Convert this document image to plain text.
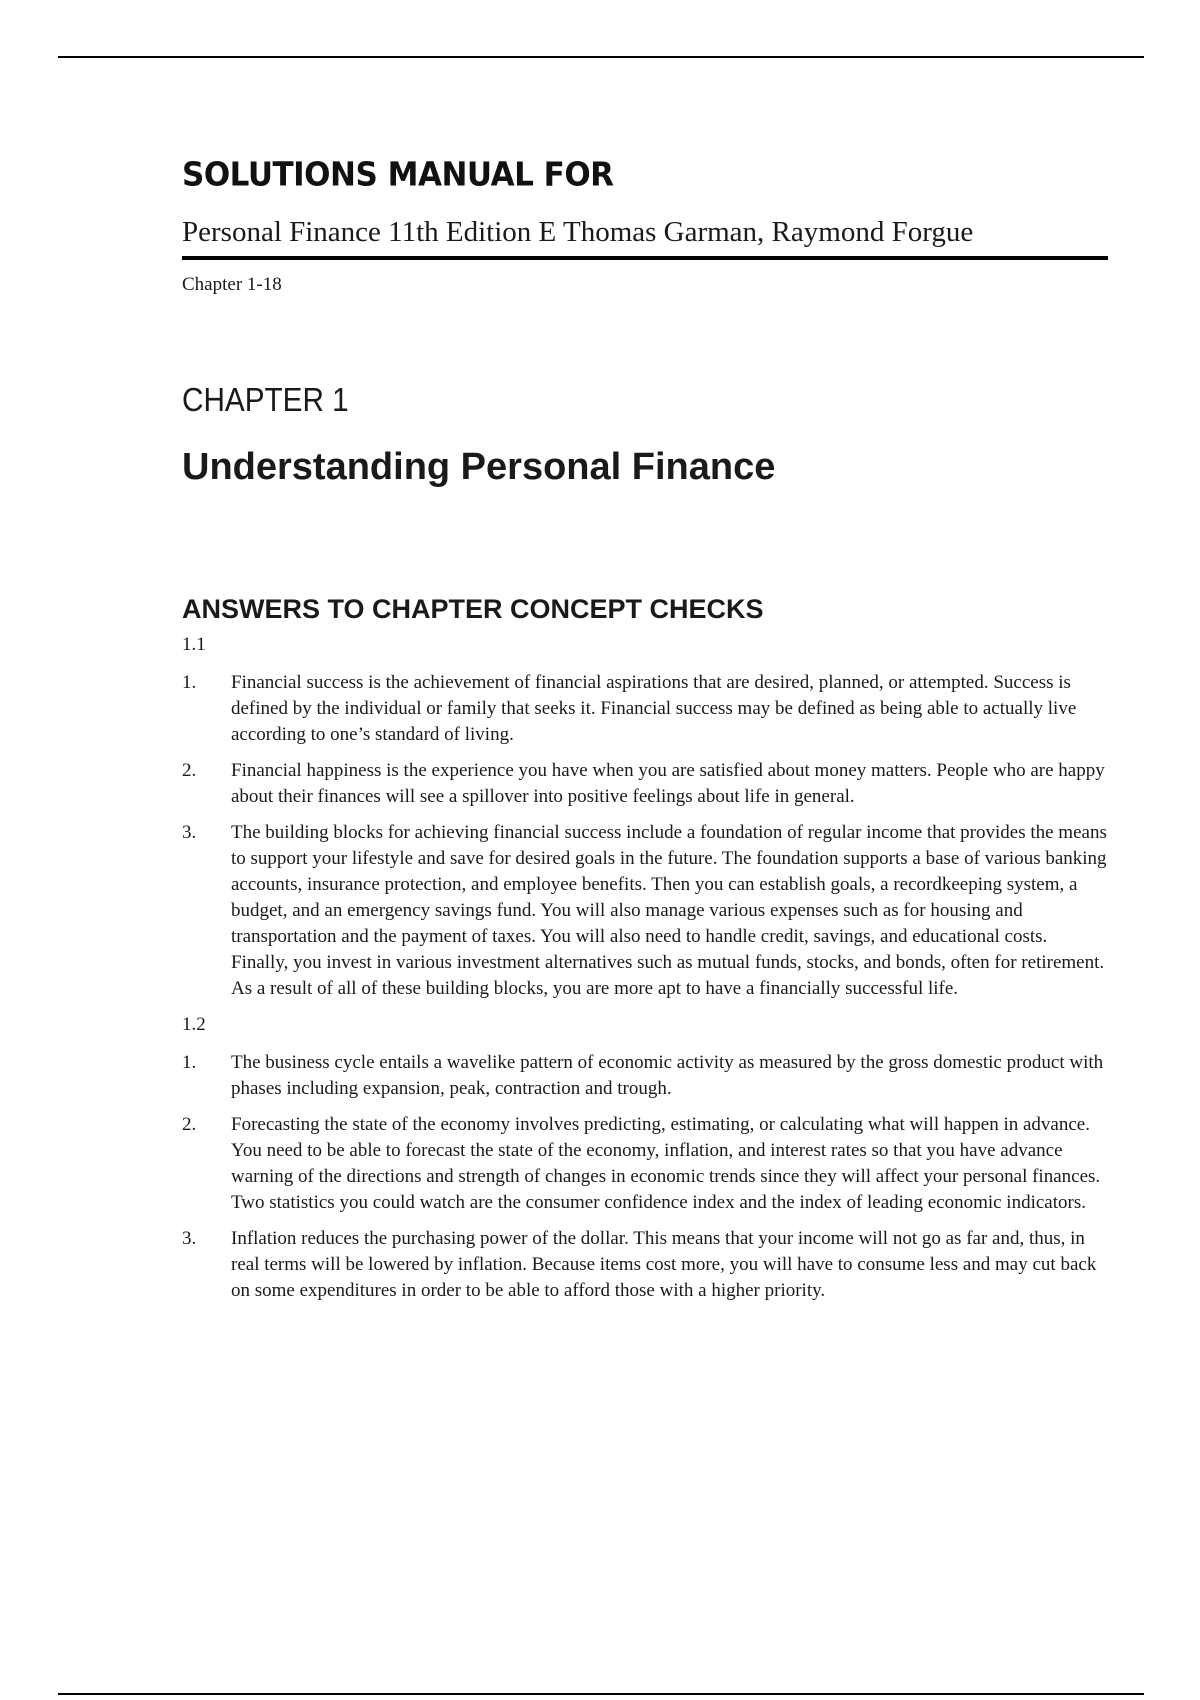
SOLUTIONS MANUAL FOR
Personal Finance 11th Edition E Thomas Garman, Raymond Forgue
Chapter 1-18
CHAPTER 1
Understanding Personal Finance
ANSWERS TO CHAPTER CONCEPT CHECKS
1.1
1.	Financial success is the achievement of financial aspirations that are desired, planned, or attempted. Success is defined by the individual or family that seeks it. Financial success may be defined as being able to actually live according to one’s standard of living.
2.	Financial happiness is the experience you have when you are satisfied about money matters. People who are happy about their finances will see a spillover into positive feelings about life in general.
3.	The building blocks for achieving financial success include a foundation of regular income that provides the means to support your lifestyle and save for desired goals in the future. The foundation supports a base of various banking accounts, insurance protection, and employee benefits. Then you can establish goals, a recordkeeping system, a budget, and an emergency savings fund. You will also manage various expenses such as for housing and transportation and the payment of taxes. You will also need to handle credit, savings, and educational costs. Finally, you invest in various investment alternatives such as mutual funds, stocks, and bonds, often for retirement. As a result of all of these building blocks, you are more apt to have a financially successful life.
1.2
1.	The business cycle entails a wavelike pattern of economic activity as measured by the gross domestic product with phases including expansion, peak, contraction and trough.
2.	Forecasting the state of the economy involves predicting, estimating, or calculating what will happen in advance. You need to be able to forecast the state of the economy, inflation, and interest rates so that you have advance warning of the directions and strength of changes in economic trends since they will affect your personal finances. Two statistics you could watch are the consumer confidence index and the index of leading economic indicators.
3.	Inflation reduces the purchasing power of the dollar. This means that your income will not go as far and, thus, in real terms will be lowered by inflation. Because items cost more, you will have to consume less and may cut back on some expenditures in order to be able to afford those with a higher priority.
